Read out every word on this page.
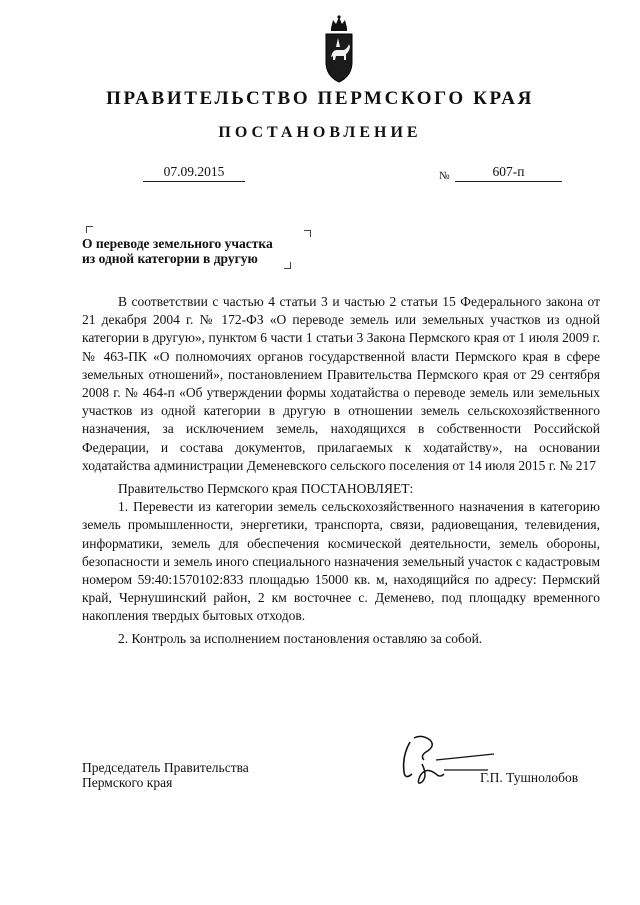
ПРАВИТЕЛЬСТВО ПЕРМСКОГО КРАЯ
ПОСТАНОВЛЕНИЕ
07.09.2015	№	607-п
О переводе земельного участка
из одной категории в другую

В соответствии с частью 4 статьи 3 и частью 2 статьи 15 Федерального закона от 21 декабря 2004 г. № 172-ФЗ «О переводе земель или земельных участков из одной категории в другую», пунктом 6 части 1 статьи 3 Закона Пермского края от 1 июля 2009 г. № 463-ПК «О полномочиях органов государственной власти Пермского края в сфере земельных отношений», постановлением Правительства Пермского края от 29 сентября 2008 г. № 464-п «Об утверждении формы ходатайства о переводе земель или земельных участков из одной категории в другую в отношении земель сельскохозяйственного назначения, за исключением земель, находящихся в собственности Российской Федерации, и состава документов, прилагаемых к ходатайству», на основании ходатайства администрации Деменевского сельского поселения от 14 июля 2015 г. № 217

Правительство Пермского края ПОСТАНОВЛЯЕТ:

1. Перевести из категории земель сельскохозяйственного назначения в категорию земель промышленности, энергетики, транспорта, связи, радиовещания, телевидения, информатики, земель для обеспечения космической деятельности, земель обороны, безопасности и земель иного специального назначения земельный участок с кадастровым номером 59:40:1570102:833 площадью 15000 кв. м, находящийся по адресу: Пермский край, Чернушинский район, 2 км восточнее с. Деменево, под площадку временного накопления твердых бытовых отходов.

2. Контроль за исполнением постановления оставляю за собой.

Председатель Правительства
Пермского края	Г.П. Тушнолобов
